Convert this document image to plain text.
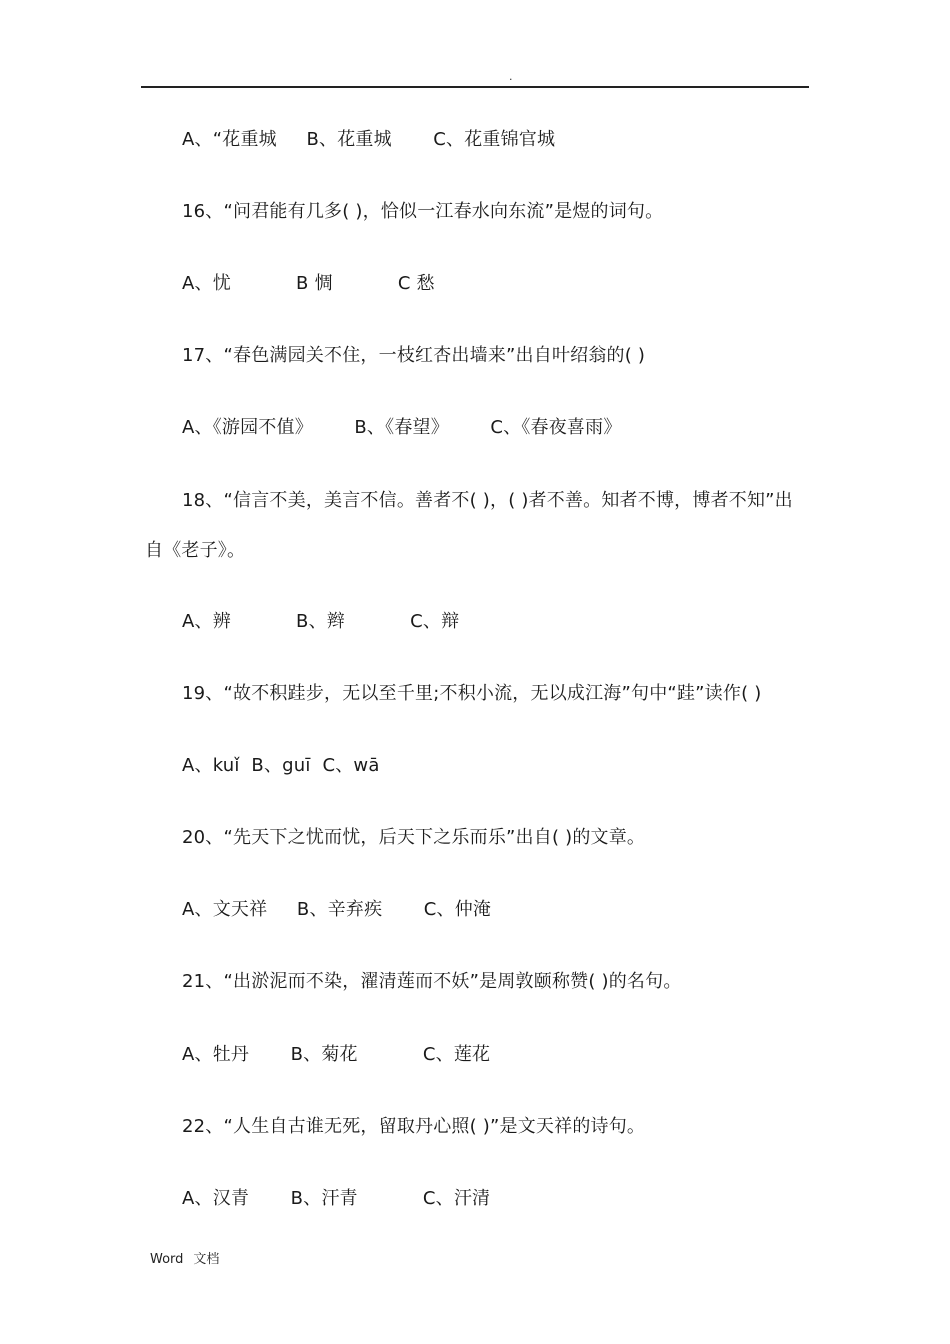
.
A、“花重城     B、花重城       C、花重锦官城
16、“问君能有几多( )，恰似一江春水向东流”是煜的词句。
A、忧           B 惆           C 愁
17、“春色满园关不住，一枝红杏出墙来”出自叶绍翁的( )
A、《游园不值》       B、《春望》       C、《春夜喜雨》
18、“信言不美，美言不信。善者不( )，( )者不善。知者不博，博者不知”出
自《老子》。
A、辨           B、辫           C、辩
19、“故不积跬步，无以至千里;不积小流，无以成江海”句中“跬”读作( )
A、kuǐ  B、guī  C、wā
20、“先天下之忧而忧，后天下之乐而乐”出自( )的文章。
A、文天祥     B、辛弃疾       C、仲淹
21、“出淤泥而不染，濯清莲而不妖”是周敦颐称赞( )的名句。
A、牡丹       B、菊花           C、莲花
22、“人生自古谁无死，留取丹心照( )”是文天祥的诗句。
A、汉青       B、汗青           C、汗清
Word 文档
